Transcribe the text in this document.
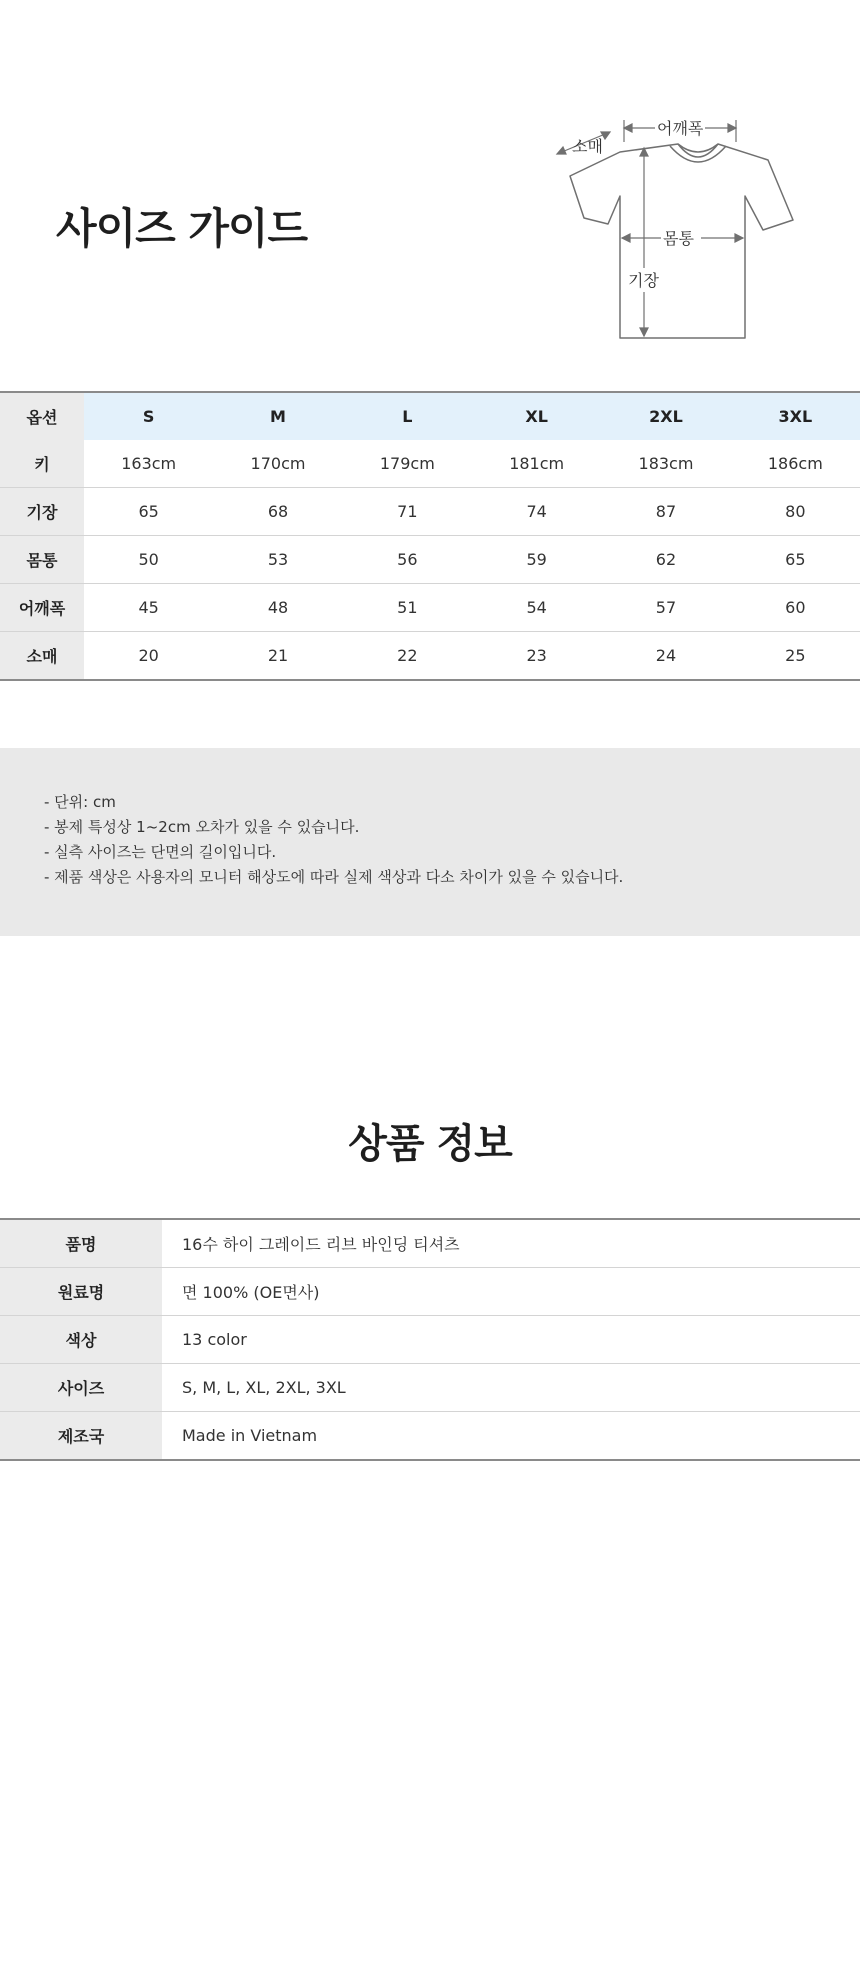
사이즈 가이드
어깨폭
소매
몸통
기장
옵션	S	M	L	XL	2XL	3XL
키	163cm	170cm	179cm	181cm	183cm	186cm
기장	65	68	71	74	87	80
몸통	50	53	56	59	62	65
어깨폭	45	48	51	54	57	60
소매	20	21	22	23	24	25
- 단위: cm
- 봉제 특성상 1~2cm 오차가 있을 수 있습니다.
- 실측 사이즈는 단면의 길이입니다.
- 제품 색상은 사용자의 모니터 해상도에 따라 실제 색상과 다소 차이가 있을 수 있습니다.
상품 정보
품명	16수 하이 그레이드 리브 바인딩 티셔츠
원료명	면 100% (OE면사)
색상	13 color
사이즈	S, M, L, XL, 2XL, 3XL
제조국	Made in Vietnam
